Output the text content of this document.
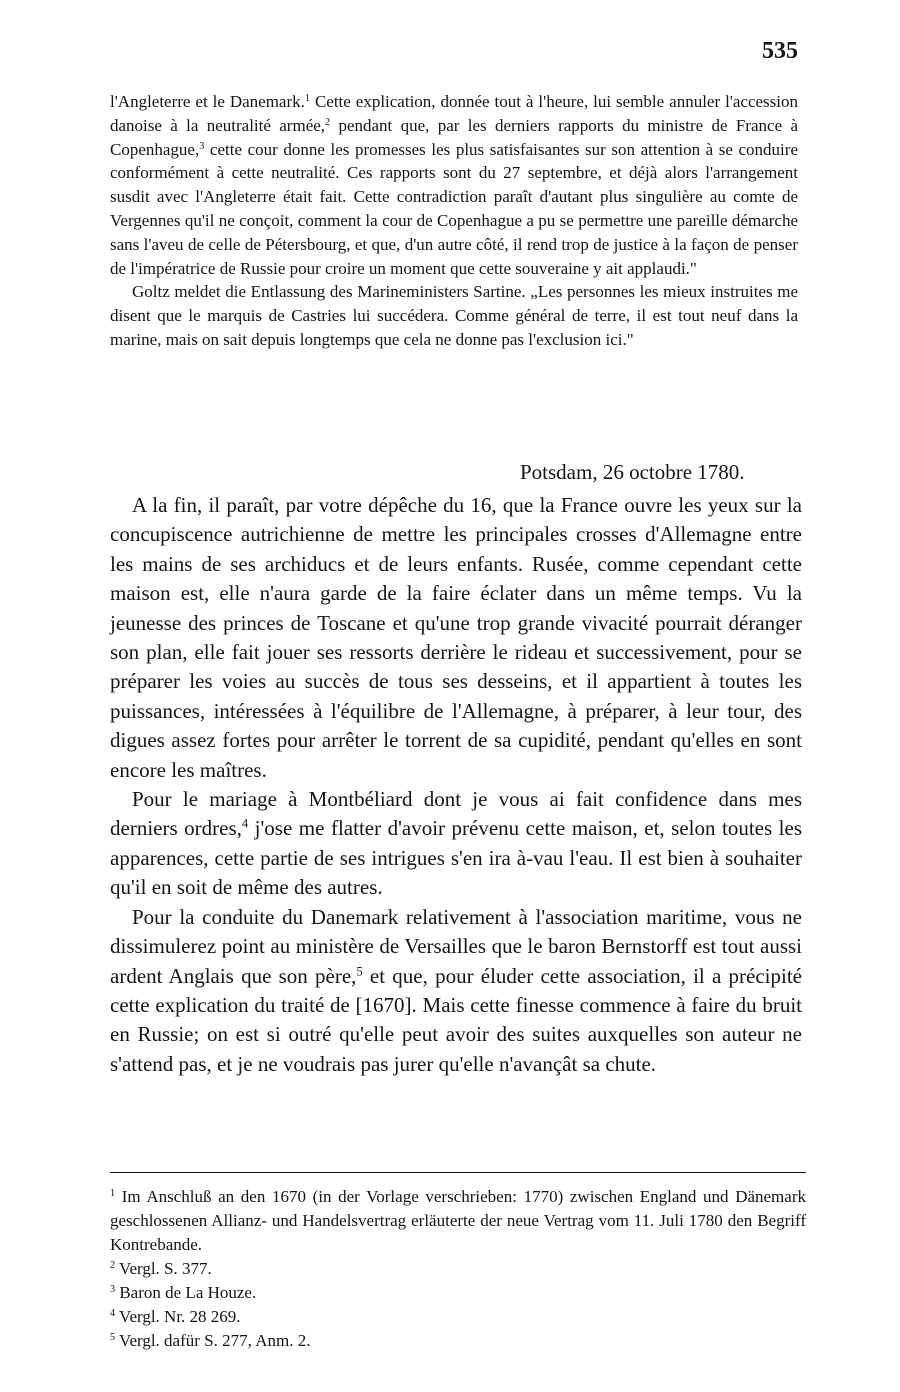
535

l'Angleterre et le Danemark.$^1$ Cette explication, donnée tout à l'heure, lui semble annuler l'accession danoise à la neutralité armée,$^2$ pendant que, par les derniers rapports du ministre de France à Copenhague,$^3$ cette cour donne les promesses les plus satisfaisantes sur son attention à se conduire conformément à cette neutralité. Ces rapports sont du 27 septembre, et déjà alors l'arrangement susdit avec l'Angleterre était fait. Cette contradiction paraît d'autant plus singulière au comte de Vergennes qu'il ne conçoit, comment la cour de Copenhague a pu se permettre une pareille démarche sans l'aveu de celle de Pétersbourg, et que, d'un autre côté, il rend trop de justice à la façon de penser de l'impératrice de Russie pour croire un moment que cette souveraine y ait applaudi."

Goltz meldet die Entlassung des Marineministers Sartine. „Les personnes les mieux instruites me disent que le marquis de Castries lui succédera. Comme général de terre, il est tout neuf dans la marine, mais on sait depuis longtemps que cela ne donne pas l'exclusion ici."

Potsdam, 26 octobre 1780.

A la fin, il paraît, par votre dépêche du 16, que la France ouvre les yeux sur la concupiscence autrichienne de mettre les principales crosses d'Allemagne entre les mains de ses archiducs et de leurs enfants. Rusée, comme cependant cette maison est, elle n'aura garde de la faire éclater dans un même temps. Vu la jeunesse des princes de Toscane et qu'une trop grande vivacité pourrait déranger son plan, elle fait jouer ses ressorts derrière le rideau et successivement, pour se préparer les voies au succès de tous ses desseins, et il appartient à toutes les puissances, intéressées à l'équilibre de l'Allemagne, à préparer, à leur tour, des digues assez fortes pour arrêter le torrent de sa cupidité, pendant qu'elles en sont encore les maîtres.

Pour le mariage à Montbéliard dont je vous ai fait confidence dans mes derniers ordres,$^4$ j'ose me flatter d'avoir prévenu cette maison, et, selon toutes les apparences, cette partie de ses intrigues s'en ira à-vau l'eau. Il est bien à souhaiter qu'il en soit de même des autres.

Pour la conduite du Danemark relativement à l'association maritime, vous ne dissimulerez point au ministère de Versailles que le baron Bernstorff est tout aussi ardent Anglais que son père,$^5$ et que, pour éluder cette association, il a précipité cette explication du traité de [1670]. Mais cette finesse commence à faire du bruit en Russie; on est si outré qu'elle peut avoir des suites auxquelles son auteur ne s'attend pas, et je ne voudrais pas jurer qu'elle n'avançât sa chute.

$^1$ Im Anschluß an den 1670 (in der Vorlage verschrieben: 1770) zwischen England und Dänemark geschlossenen Allianz- und Handelsvertrag erläuterte der neue Vertrag vom 11. Juli 1780 den Begriff Kontrebande.

$^2$ Vergl. S. 377.

$^3$ Baron de La Houze.

$^4$ Vergl. Nr. 28 269.

$^5$ Vergl. dafür S. 277, Anm. 2.
